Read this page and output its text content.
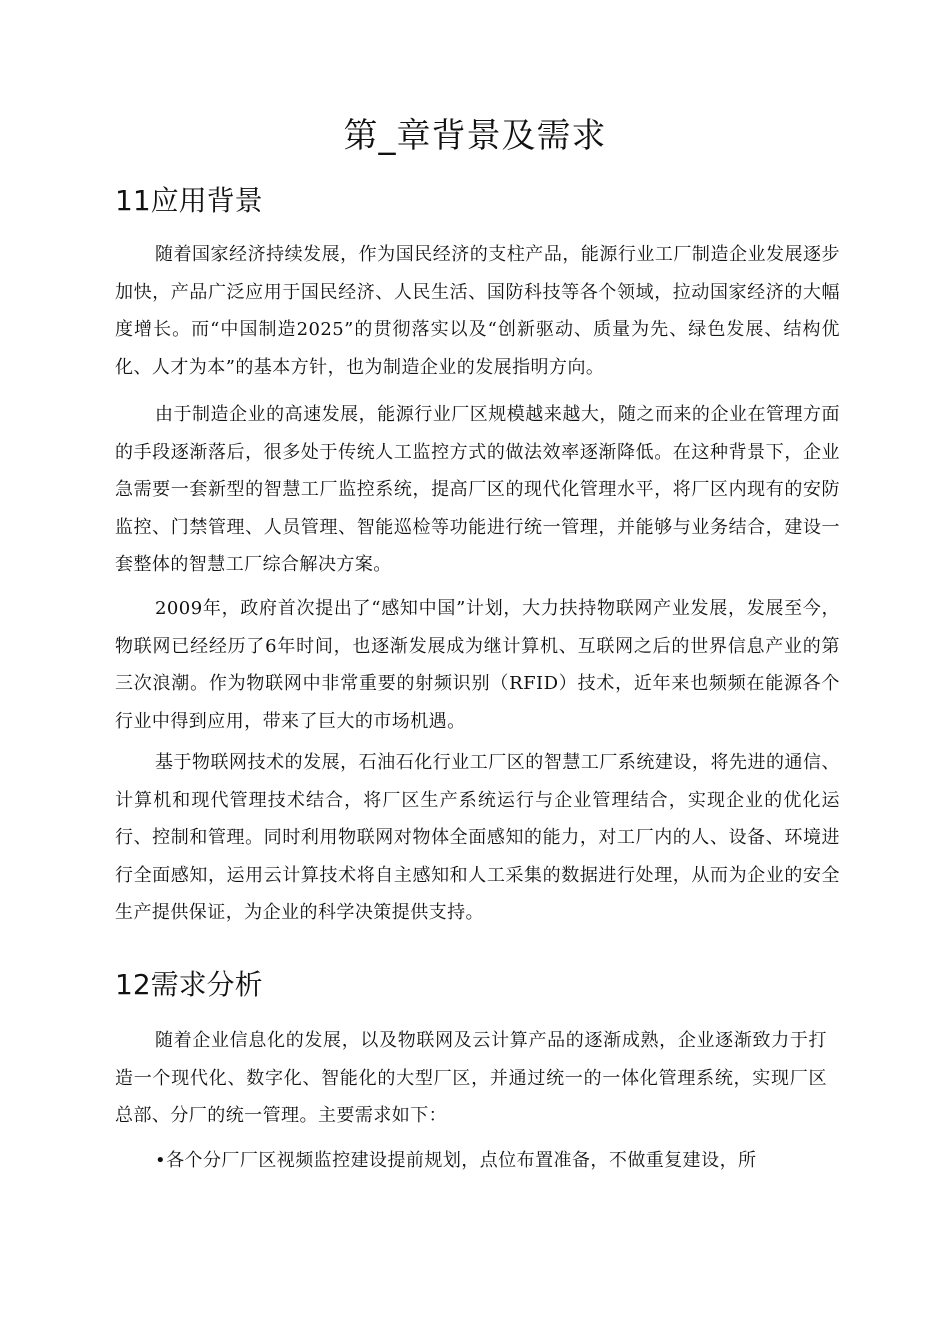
第_章背景及需求
11应用背景

随着国家经济持续发展，作为国民经济的支柱产品，能源行业工厂制造企业发展逐步加快，产品广泛应用于国民经济、人民生活、国防科技等各个领域，拉动国家经济的大幅度增长。而“中国制造2025”的贯彻落实以及“创新驱动、质量为先、绿色发展、结构优化、人才为本”的基本方针，也为制造企业的发展指明方向。

由于制造企业的高速发展，能源行业厂区规模越来越大，随之而来的企业在管理方面的手段逐渐落后，很多处于传统人工监控方式的做法效率逐渐降低。在这种背景下，企业急需要一套新型的智慧工厂监控系统，提高厂区的现代化管理水平，将厂区内现有的安防监控、门禁管理、人员管理、智能巡检等功能进行统一管理，并能够与业务结合，建设一套整体的智慧工厂综合解决方案。

2009年，政府首次提出了“感知中国”计划，大力扶持物联网产业发展，发展至今，物联网已经经历了6年时间，也逐渐发展成为继计算机、互联网之后的世界信息产业的第三次浪潮。作为物联网中非常重要的射频识别（RFID）技术，近年来也频频在能源各个行业中得到应用，带来了巨大的市场机遇。

基于物联网技术的发展，石油石化行业工厂区的智慧工厂系统建设，将先进的通信、计算机和现代管理技术结合，将厂区生产系统运行与企业管理结合，实现企业的优化运行、控制和管理。同时利用物联网对物体全面感知的能力，对工厂内的人、设备、环境进行全面感知，运用云计算技术将自主感知和人工采集的数据进行处理，从而为企业的安全生产提供保证，为企业的科学决策提供支持。

12需求分析

随着企业信息化的发展，以及物联网及云计算产品的逐渐成熟，企业逐渐致力于打造一个现代化、数字化、智能化的大型厂区，并通过统一的一体化管理系统，实现厂区总部、分厂的统一管理。主要需求如下：

•各个分厂厂区视频监控建设提前规划，点位布置准备，不做重复建设，所
